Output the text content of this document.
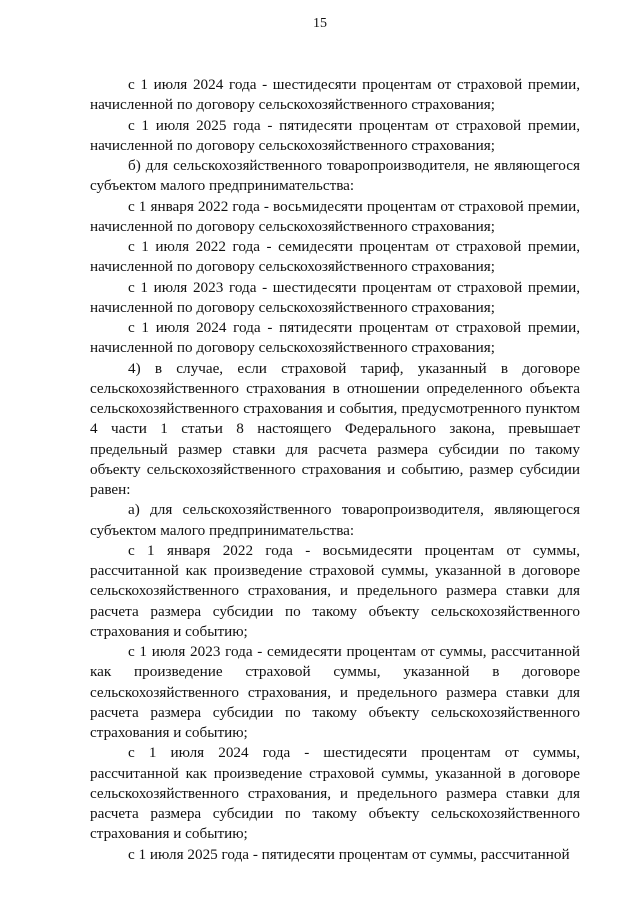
15

с 1 июля 2024 года - шестидесяти процентам от страховой премии, начисленной по договору сельскохозяйственного страхования;

с 1 июля 2025 года - пятидесяти процентам от страховой премии, начисленной по договору сельскохозяйственного страхования;

б) для сельскохозяйственного товаропроизводителя, не являющегося субъектом малого предпринимательства:

с 1 января 2022 года - восьмидесяти процентам от страховой премии, начисленной по договору сельскохозяйственного страхования;

с 1 июля 2022 года - семидесяти процентам от страховой премии, начисленной по договору сельскохозяйственного страхования;

с 1 июля 2023 года - шестидесяти процентам от страховой премии, начисленной по договору сельскохозяйственного страхования;

с 1 июля 2024 года - пятидесяти процентам от страховой премии, начисленной по договору сельскохозяйственного страхования;

4) в случае, если страховой тариф, указанный в договоре сельскохозяйственного страхования в отношении определенного объекта сельскохозяйственного страхования и события, предусмотренного пунктом 4 части 1 статьи 8 настоящего Федерального закона, превышает предельный размер ставки для расчета размера субсидии по такому объекту сельскохозяйственного страхования и событию, размер субсидии равен:

а) для сельскохозяйственного товаропроизводителя, являющегося субъектом малого предпринимательства:

с 1 января 2022 года - восьмидесяти процентам от суммы, рассчитанной как произведение страховой суммы, указанной в договоре сельскохозяйственного страхования, и предельного размера ставки для расчета размера субсидии по такому объекту сельскохозяйственного страхования и событию;

с 1 июля 2023 года - семидесяти процентам от суммы, рассчитанной как произведение страховой суммы, указанной в договоре сельскохозяйственного страхования, и предельного размера ставки для расчета размера субсидии по такому объекту сельскохозяйственного страхования и событию;

с 1 июля 2024 года - шестидесяти процентам от суммы, рассчитанной как произведение страховой суммы, указанной в договоре сельскохозяйственного страхования, и предельного размера ставки для расчета размера субсидии по такому объекту сельскохозяйственного страхования и событию;

с 1 июля 2025 года - пятидесяти процентам от суммы, рассчитанной
